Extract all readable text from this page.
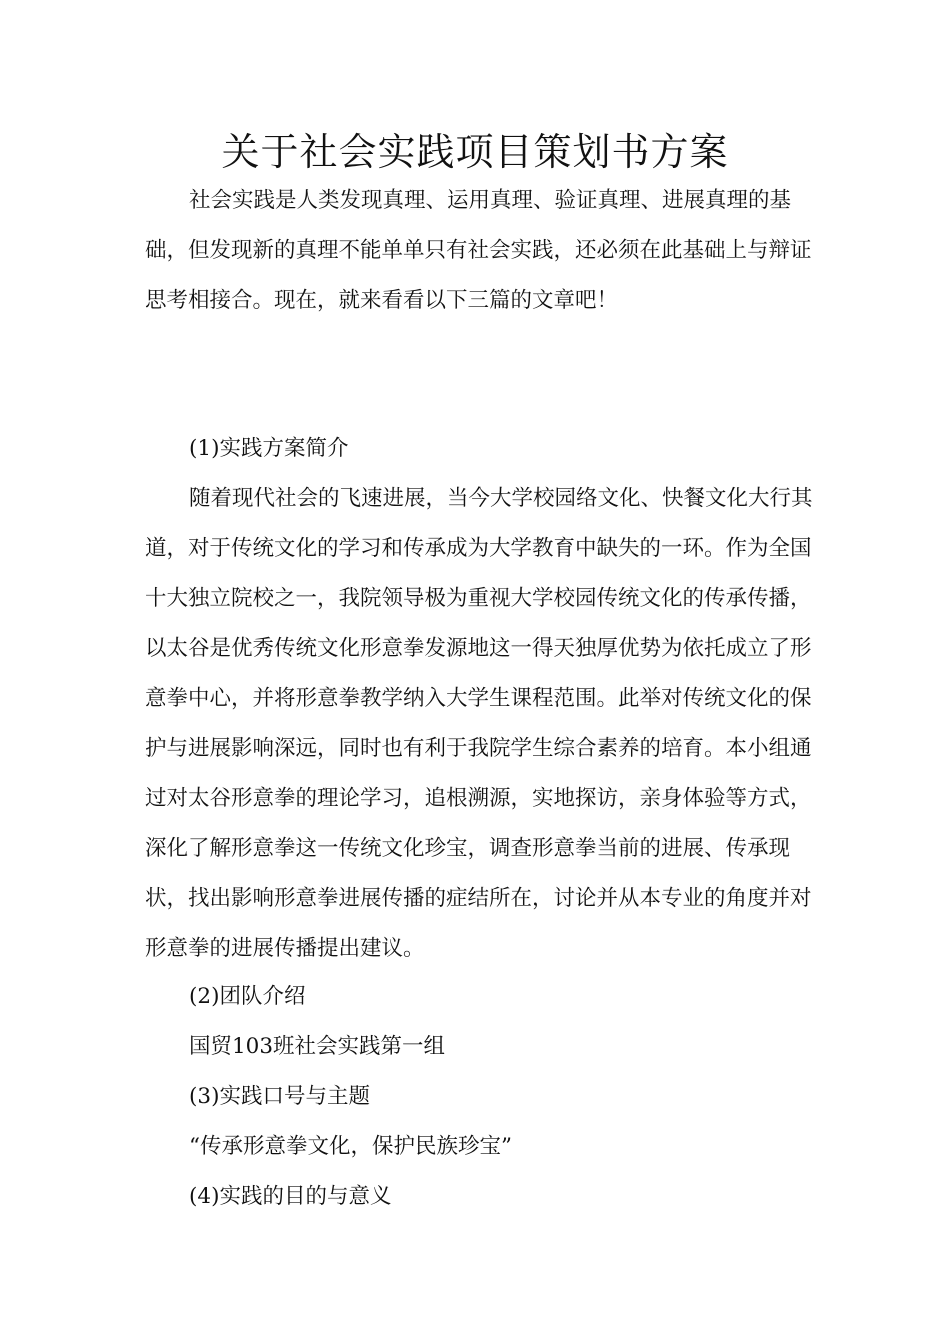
关于社会实践项目策划书方案

社会实践是人类发现真理、运用真理、验证真理、进展真理的基础，但发现新的真理不能单单只有社会实践，还必须在此基础上与辩证思考相接合。现在，就来看看以下三篇的文章吧！

(1)实践方案简介

随着现代社会的飞速进展，当今大学校园络文化、快餐文化大行其道，对于传统文化的学习和传承成为大学教育中缺失的一环。作为全国十大独立院校之一，我院领导极为重视大学校园传统文化的传承传播，以太谷是优秀传统文化形意拳发源地这一得天独厚优势为依托成立了形意拳中心，并将形意拳教学纳入大学生课程范围。此举对传统文化的保护与进展影响深远，同时也有利于我院学生综合素养的培育。本小组通过对太谷形意拳的理论学习，追根溯源，实地探访，亲身体验等方式，深化了解形意拳这一传统文化珍宝，调查形意拳当前的进展、传承现状，找出影响形意拳进展传播的症结所在，讨论并从本专业的角度并对形意拳的进展传播提出建议。

(2)团队介绍

国贸103班社会实践第一组

(3)实践口号与主题

“传承形意拳文化，保护民族珍宝”

(4)实践的目的与意义
